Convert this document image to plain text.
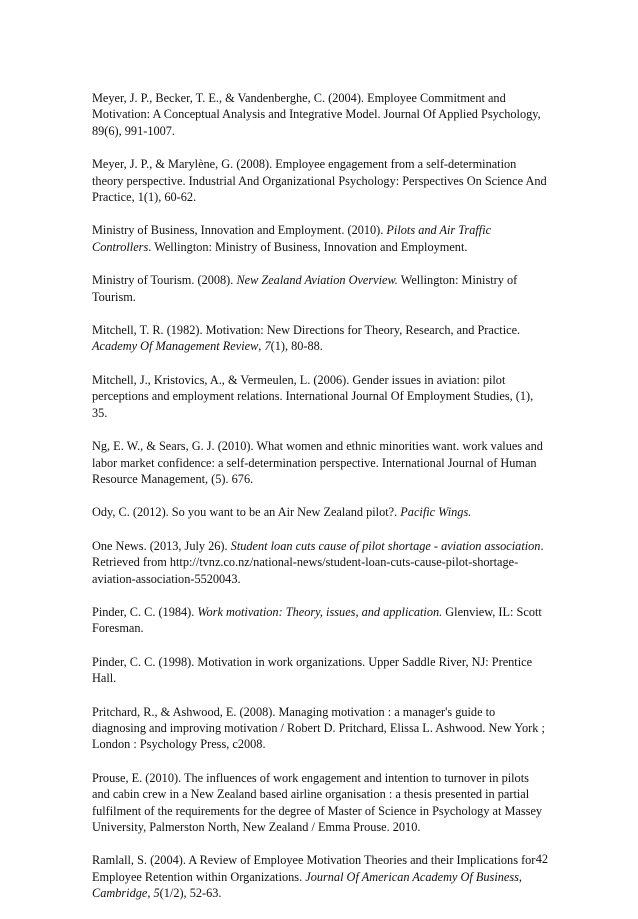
Meyer, J. P., Becker, T. E., & Vandenberghe, C. (2004). Employee Commitment and Motivation: A Conceptual Analysis and Integrative Model. Journal Of Applied Psychology, 89(6), 991-1007.

Meyer, J. P., & Marylène, G. (2008). Employee engagement from a self-determination theory perspective. Industrial And Organizational Psychology: Perspectives On Science And Practice, 1(1), 60-62.

Ministry of Business, Innovation and Employment. (2010). Pilots and Air Traffic Controllers. Wellington: Ministry of Business, Innovation and Employment.

Ministry of Tourism. (2008). New Zealand Aviation Overview. Wellington: Ministry of Tourism.

Mitchell, T. R. (1982). Motivation: New Directions for Theory, Research, and Practice. Academy Of Management Review, 7(1), 80-88.

Mitchell, J., Kristovics, A., & Vermeulen, L. (2006). Gender issues in aviation: pilot perceptions and employment relations. International Journal Of Employment Studies, (1), 35.

Ng, E. W., & Sears, G. J. (2010). What women and ethnic minorities want. work values and labor market confidence: a self-determination perspective. International Journal of Human Resource Management, (5). 676.

Ody, C. (2012). So you want to be an Air New Zealand pilot?. Pacific Wings.

One News. (2013, July 26). Student loan cuts cause of pilot shortage - aviation association. Retrieved from http://tvnz.co.nz/national-news/student-loan-cuts-cause-pilot-shortage-aviation-association-5520043.

Pinder, C. C. (1984). Work motivation: Theory, issues, and application. Glenview, IL: Scott Foresman.

Pinder, C. C. (1998). Motivation in work organizations. Upper Saddle River, NJ: Prentice Hall.

Pritchard, R., & Ashwood, E. (2008). Managing motivation : a manager's guide to diagnosing and improving motivation / Robert D. Pritchard, Elissa L. Ashwood. New York ; London : Psychology Press, c2008.

Prouse, E. (2010). The influences of work engagement and intention to turnover in pilots and cabin crew in a New Zealand based airline organisation : a thesis presented in partial fulfilment of the requirements for the degree of Master of Science in Psychology at Massey University, Palmerston North, New Zealand / Emma Prouse. 2010.

Ramlall, S. (2004). A Review of Employee Motivation Theories and their Implications for Employee Retention within Organizations. Journal Of American Academy Of Business, Cambridge, 5(1/2), 52-63.

42
